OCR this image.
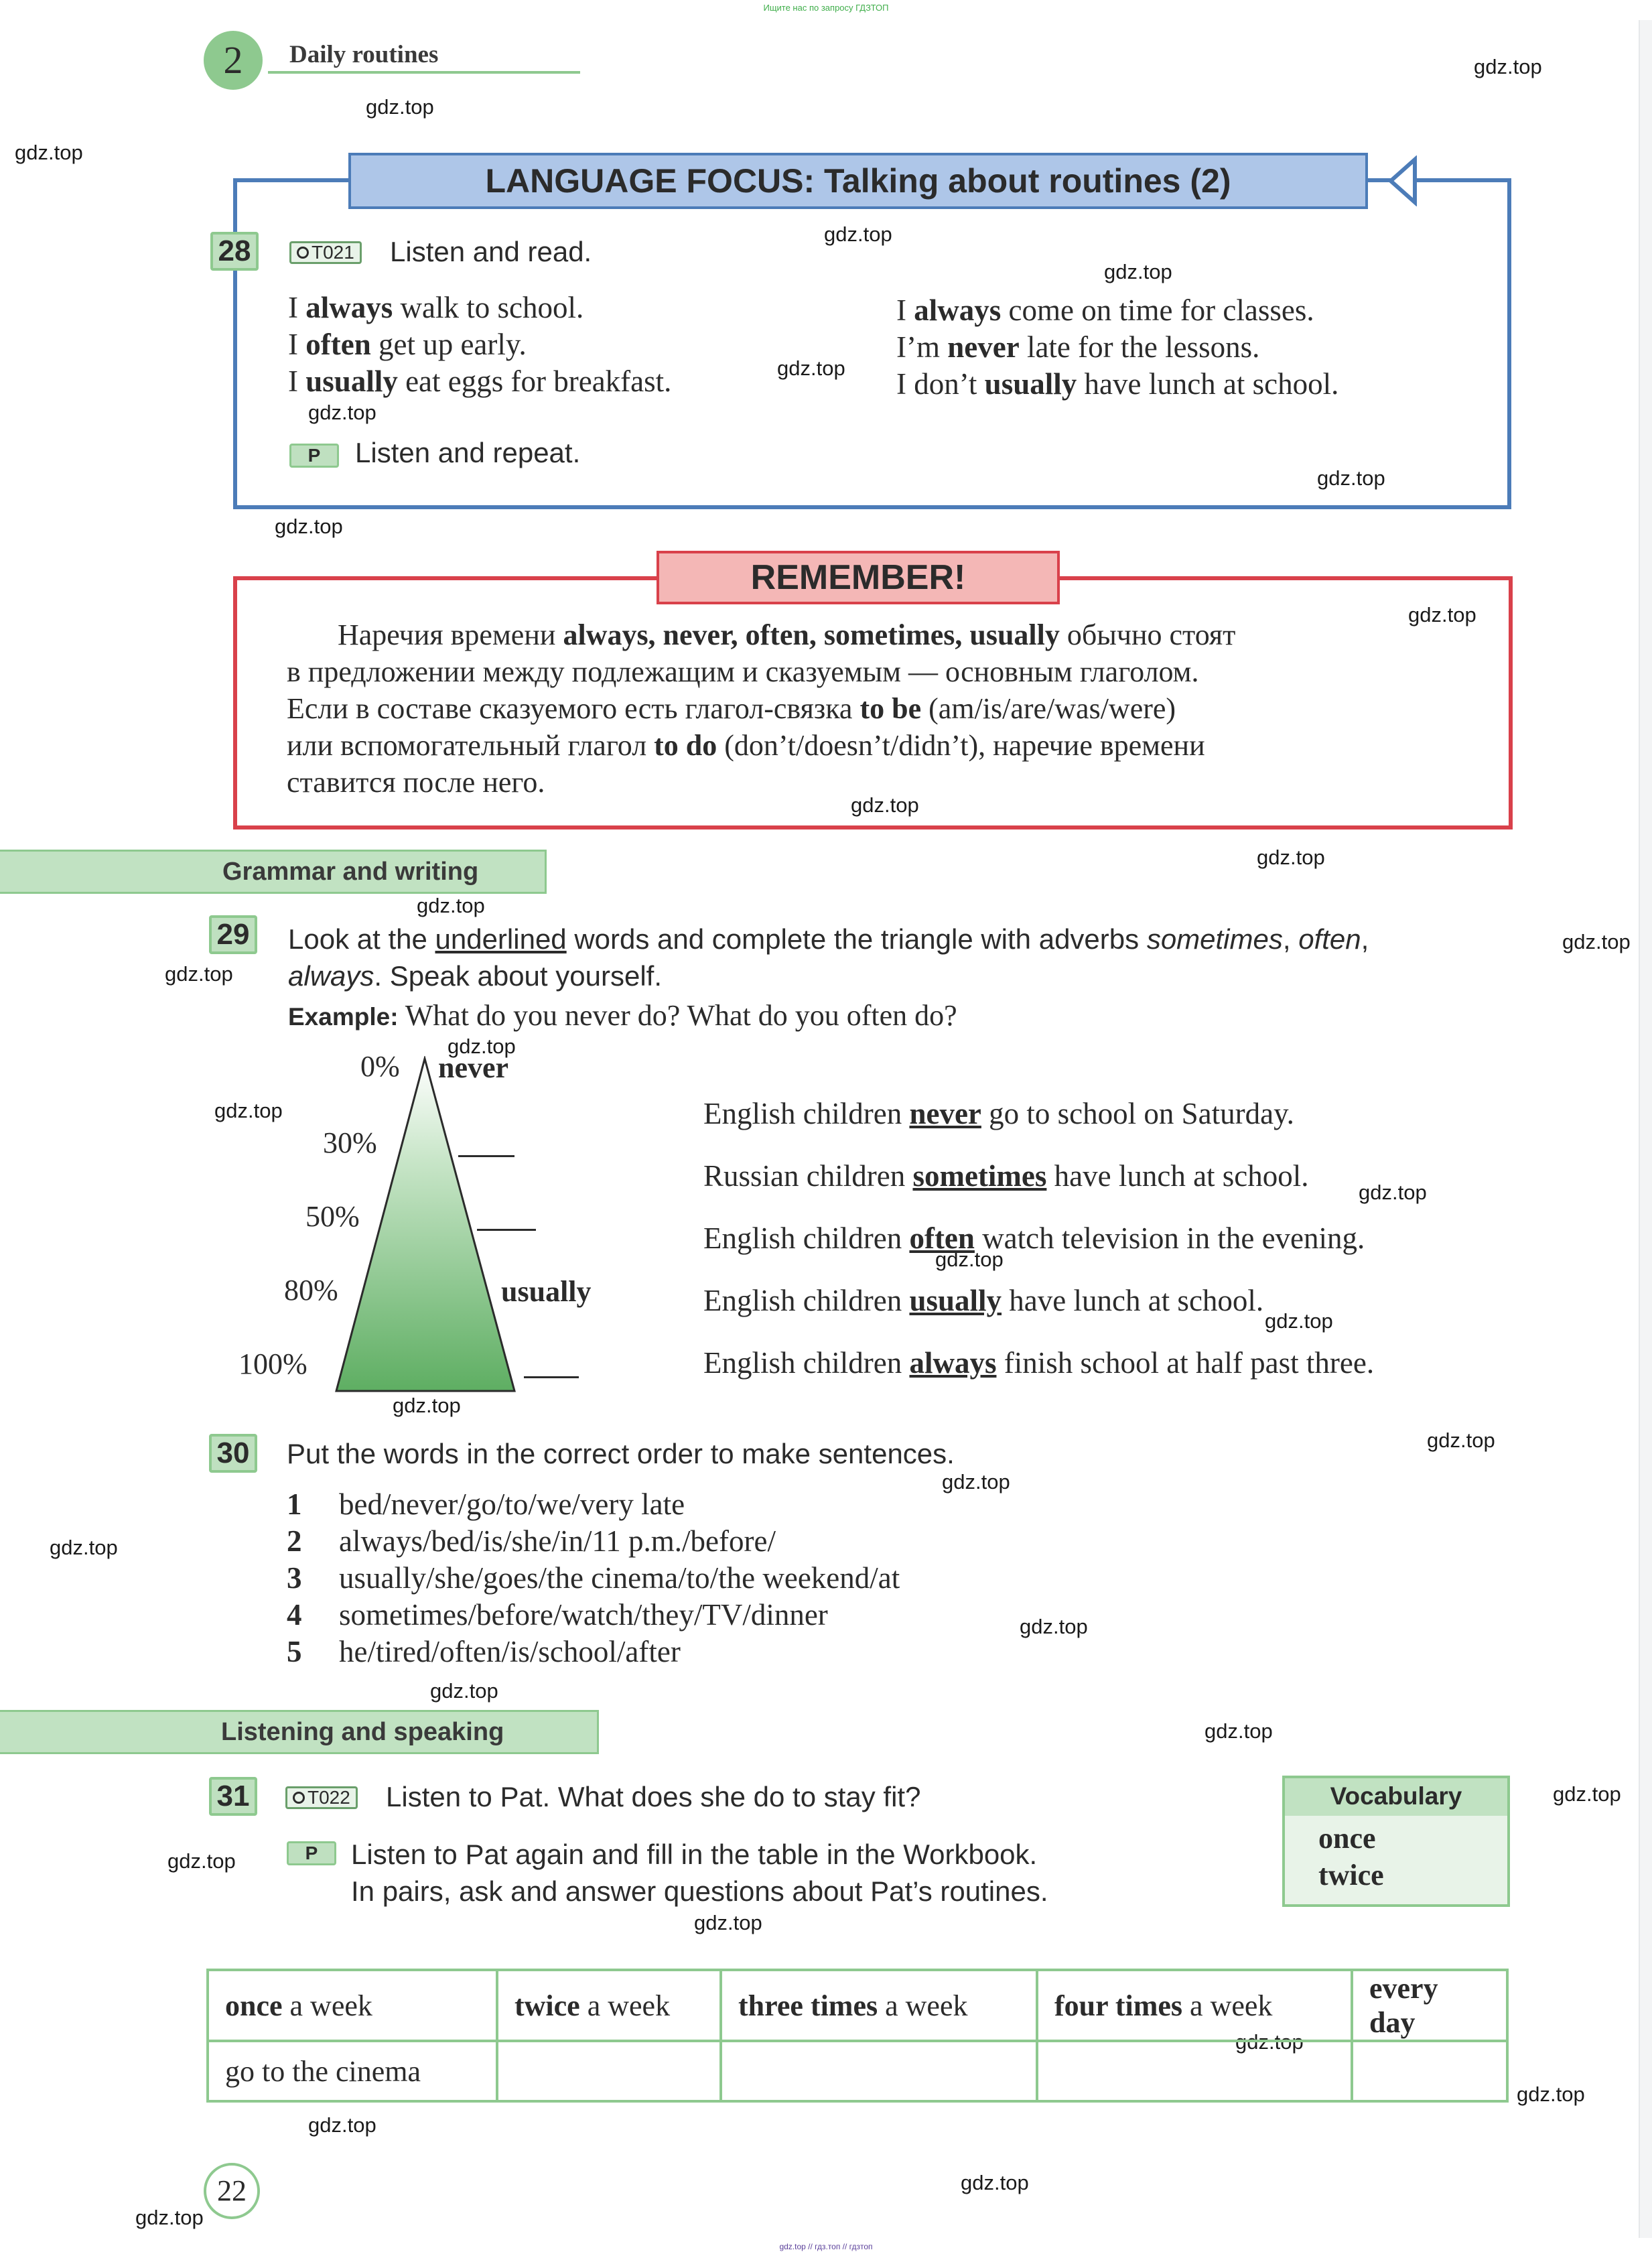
Ищите нас по запросу ГДЗТОП
2	Daily routines	gdz.top
gdz.top
gdz.top
gdz.top
gdz.top
gdz.top
gdz.top
gdz.top
gdz.top
gdz.top
gdz.top
gdz.top
gdz.top
gdz.top
gdz.top
gdz.top
gdz.top
gdz.top
gdz.top
gdz.top
gdz.top
gdz.top
gdz.top
gdz.top
gdz.top
gdz.top
gdz.top
gdz.top
gdz.top
gdz.top
gdz.top
gdz.top
gdz.top
gdz.top
gdz.top
LANGUAGE FOCUS: Talking about routines (2)
28	T021 Listen and read.
I always walk to school.
I often get up early.
I usually eat eggs for breakfast.
I always come on time for classes.
I’m never late for the lessons.
I don’t usually have lunch at school.
P	Listen and repeat.
REMEMBER!
Наречия времени always, never, often, sometimes, usually обычно стоят
в предложении между подлежащим и сказуемым — основным глаголом.
Если в составе сказуемого есть глагол-связка to be (am/is/are/was/were)
или вспомогательный глагол to do (don’t/doesn’t/didn’t), наречие времени
ставится после него.
Grammar and writing
29 Look at the underlined words and complete the triangle with adverbs sometimes, often,
always. Speak about yourself.
Example: What do you never do? What do you often do?
0% never
30%
50%
80%	usually
100%
English children never go to school on Saturday.
Russian children sometimes have lunch at school.
English children often watch television in the evening.
English children usually have lunch at school.
English children always finish school at half past three.
30 Put the words in the correct order to make sentences.
1 bed/never/go/to/we/very late
2 always/bed/is/she/in/11 p.m./before/
3 usually/she/goes/the cinema/to/the weekend/at
4 sometimes/before/watch/they/TV/dinner
5 he/tired/often/is/school/after
Listening and speaking
31	T022 Listen to Pat. What does she do to stay fit?
P	Listen to Pat again and fill in the table in the Workbook.
In pairs, ask and answer questions about Pat’s routines.
Vocabulary
once
twice
once a week	twice a week	three times a week	four times a week	every day
go to the cinema				
22
gdz.top // гдз.топ // гдзтоп
